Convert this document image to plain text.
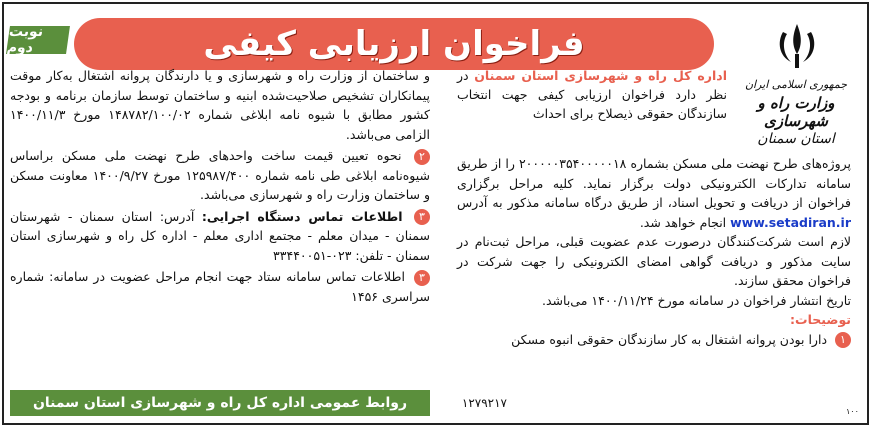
نوبت دوم	فراخوان ارزیابی کیفی
جمهوری اسلامی ایران
وزارت راه و شهرسازی
استان سمنان
اداره کل راه و شهرسازی استان سمنان در نظر دارد فراخوان ارزیابی کیفی جهت انتخاب سازندگان حقوقی ذیصلاح برای احداث

پروژه‌های طرح نهضت ملی مسکن بشماره ۲۰۰۰۰۰۳۵۴۰۰۰۰۰۱۸ را از طریق سامانه تدارکات الکترونیکی دولت برگزار نماید. کلیه مراحل برگزاری فراخوان از دریافت و تحویل اسناد، از طریق درگاه سامانه مذکور به آدرس www.setadiran.ir انجام خواهد شد.

لازم است شرکت‌کنندگان درصورت عدم عضویت قبلی، مراحل ثبت‌نام در سایت مذکور و دریافت گواهی امضای الکترونیکی را جهت شرکت در فراخوان محقق سازند.

تاریخ انتشار فراخوان در سامانه مورخ ۱۴۰۰/۱۱/۲۴ می‌باشد.

توضیحات:

۱ دارا بودن پروانه اشتغال به کار سازندگان حقوقی انبوه مسکن

۱۲۷۹۲۱۷

و ساختمان از وزارت راه و شهرسازی و یا دارندگان پروانه اشتغال به‌کار موقت پیمانکاران تشخیص صلاحیت‌شده ابنیه و ساختمان توسط سازمان برنامه و بودجه کشور مطابق با شیوه نامه ابلاغی شماره ۱۴۸۷۸۲/۱۰۰/۰۲ مورخ ۱۴۰۰/۱۱/۳ الزامی می‌باشد.

۲ نحوه تعیین قیمت ساخت واحدهای طرح نهضت ملی مسکن براساس شیوه‌نامه ابلاغی طی نامه شماره ۱۲۵۹۸۷/۴۰۰ مورخ ۱۴۰۰/۹/۲۷ معاونت مسکن و ساختمان وزارت راه و شهرسازی می‌باشد.

۳ اطلاعات تماس دستگاه اجرایی: آدرس: استان سمنان - شهرستان سمنان - میدان معلم - مجتمع اداری معلم - اداره کل راه و شهرسازی استان سمنان - تلفن: ۰۲۳-۳۳۴۴۰۰۵۱

۳ اطلاعات تماس سامانه ستاد جهت انجام مراحل عضویت در سامانه: شماره سراسری ۱۴۵۶

روابط عمومی اداره کل راه و شهرسازی استان سمنان
۱۰۰
